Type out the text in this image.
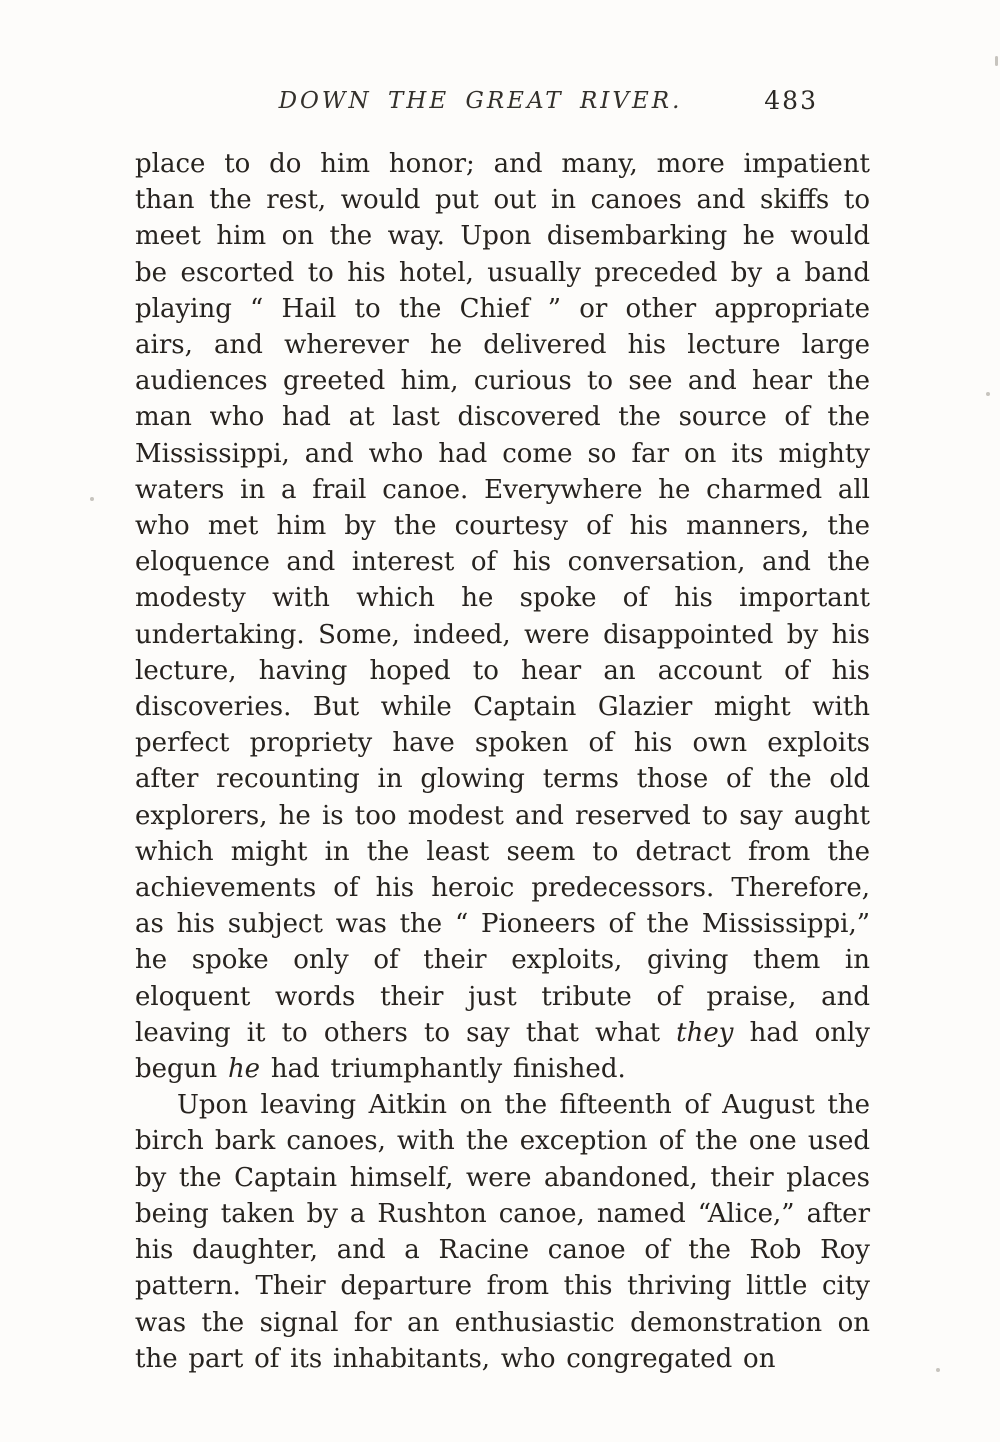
DOWN THE GREAT RIVER.	483

place to do him honor; and many, more impatient than the rest, would put out in canoes and skiffs to meet him on the way. Upon disembarking he would be escorted to his hotel, usually preceded by a band playing “ Hail to the Chief ” or other appropriate airs, and wherever he delivered his lecture large audiences greeted him, curious to see and hear the man who had at last discovered the source of the Mississippi, and who had come so far on its mighty waters in a frail canoe. Everywhere he charmed all who met him by the courtesy of his manners, the eloquence and interest of his conversation, and the modesty with which he spoke of his important undertaking. Some, indeed, were disappointed by his lecture, having hoped to hear an account of his discoveries. But while Captain Glazier might with perfect propriety have spoken of his own exploits after recounting in glowing terms those of the old explorers, he is too modest and reserved to say aught which might in the least seem to detract from the achievements of his heroic predecessors. Therefore, as his subject was the “ Pioneers of the Mississippi,” he spoke only of their exploits, giving them in eloquent words their just tribute of praise, and leaving it to others to say that what they had only begun he had triumphantly finished.

Upon leaving Aitkin on the fifteenth of August the birch bark canoes, with the exception of the one used by the Captain himself, were abandoned, their places being taken by a Rushton canoe, named “Alice,” after his daughter, and a Racine canoe of the Rob Roy pattern. Their departure from this thriving little city was the signal for an enthusiastic demonstration on the part of its inhabitants, who congregated on
